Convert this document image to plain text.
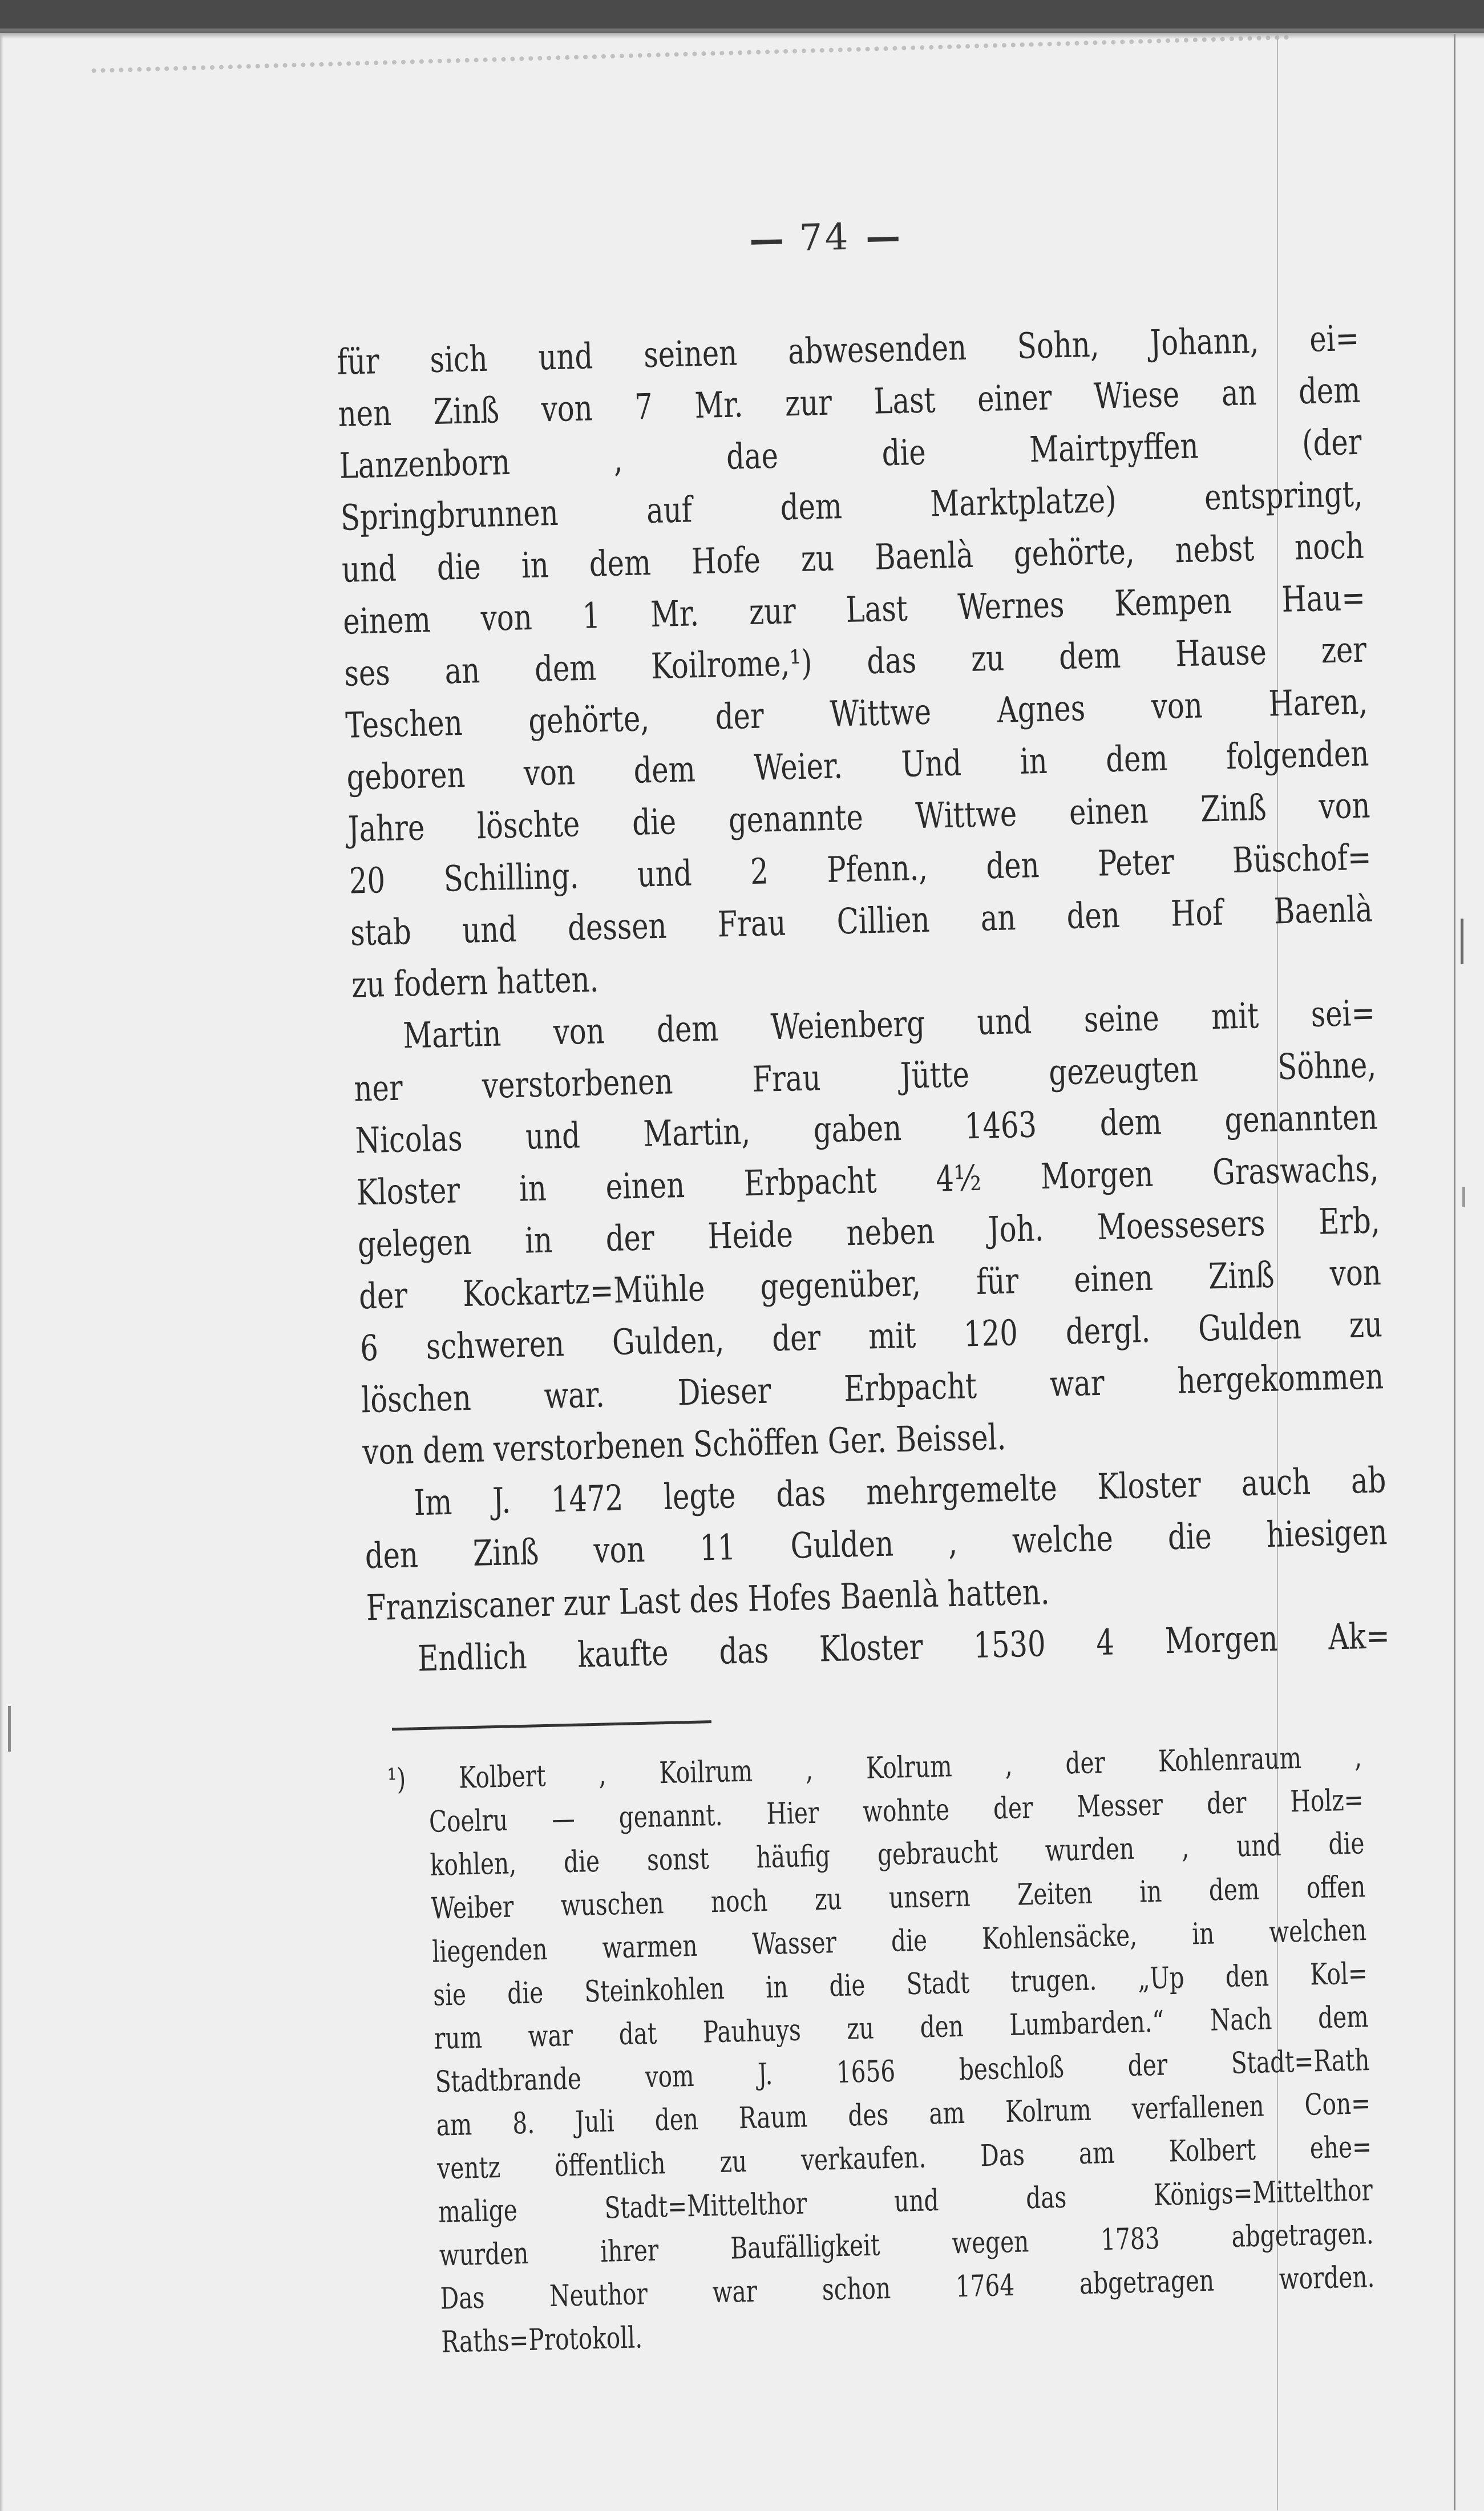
74
für sich und seinen abwesenden Sohn, Johann, ei=
nen Zinß von 7 Mr. zur Last einer Wiese an dem
Lanzenborn , dae die Mairtpyffen (der
Springbrunnen auf dem Marktplatze) entspringt,
und die in dem Hofe zu Baenlà gehörte, nebst noch
einem von 1 Mr. zur Last Wernes Kempen Hau=
ses an dem Koilrome,¹) das zu dem Hause zer
Teschen gehörte, der Wittwe Agnes von Haren,
geboren von dem Weier. Und in dem folgenden
Jahre löschte die genannte Wittwe einen Zinß von
20 Schilling. und 2 Pfenn., den Peter Büschof=
stab und dessen Frau Cillien an den Hof Baenlà
zu fodern hatten.
Martin von dem Weienberg und seine mit sei=
ner verstorbenen Frau Jütte gezeugten Söhne,
Nicolas und Martin, gaben 1463 dem genannten
Kloster in einen Erbpacht 4½ Morgen Graswachs,
gelegen in der Heide neben Joh. Moessesers Erb,
der Kockartz=Mühle gegenüber, für einen Zinß von
6 schweren Gulden, der mit 120 dergl. Gulden zu
löschen war. Dieser Erbpacht war hergekommen
von dem verstorbenen Schöffen Ger. Beissel.
Im J. 1472 legte das mehrgemelte Kloster auch ab
den Zinß von 11 Gulden , welche die hiesigen
Franziscaner zur Last des Hofes Baenlà hatten.
Endlich kaufte das Kloster 1530 4 Morgen Ak=
¹) Kolbert , Koilrum , Kolrum , der Kohlenraum ,
Coelru — genannt. Hier wohnte der Messer der Holz=
kohlen, die sonst häufig gebraucht wurden , und die
Weiber wuschen noch zu unsern Zeiten in dem offen
liegenden warmen Wasser die Kohlensäcke, in welchen
sie die Steinkohlen in die Stadt trugen. „Up den Kol=
rum war dat Pauhuys zu den Lumbarden.“ Nach dem
Stadtbrande vom J. 1656 beschloß der Stadt=Rath
am 8. Juli den Raum des am Kolrum verfallenen Con=
ventz öffentlich zu verkaufen. Das am Kolbert ehe=
malige Stadt=Mittelthor und das Königs=Mittelthor
wurden ihrer Baufälligkeit wegen 1783 abgetragen.
Das Neuthor war schon 1764 abgetragen worden.
Raths=Protokoll.
